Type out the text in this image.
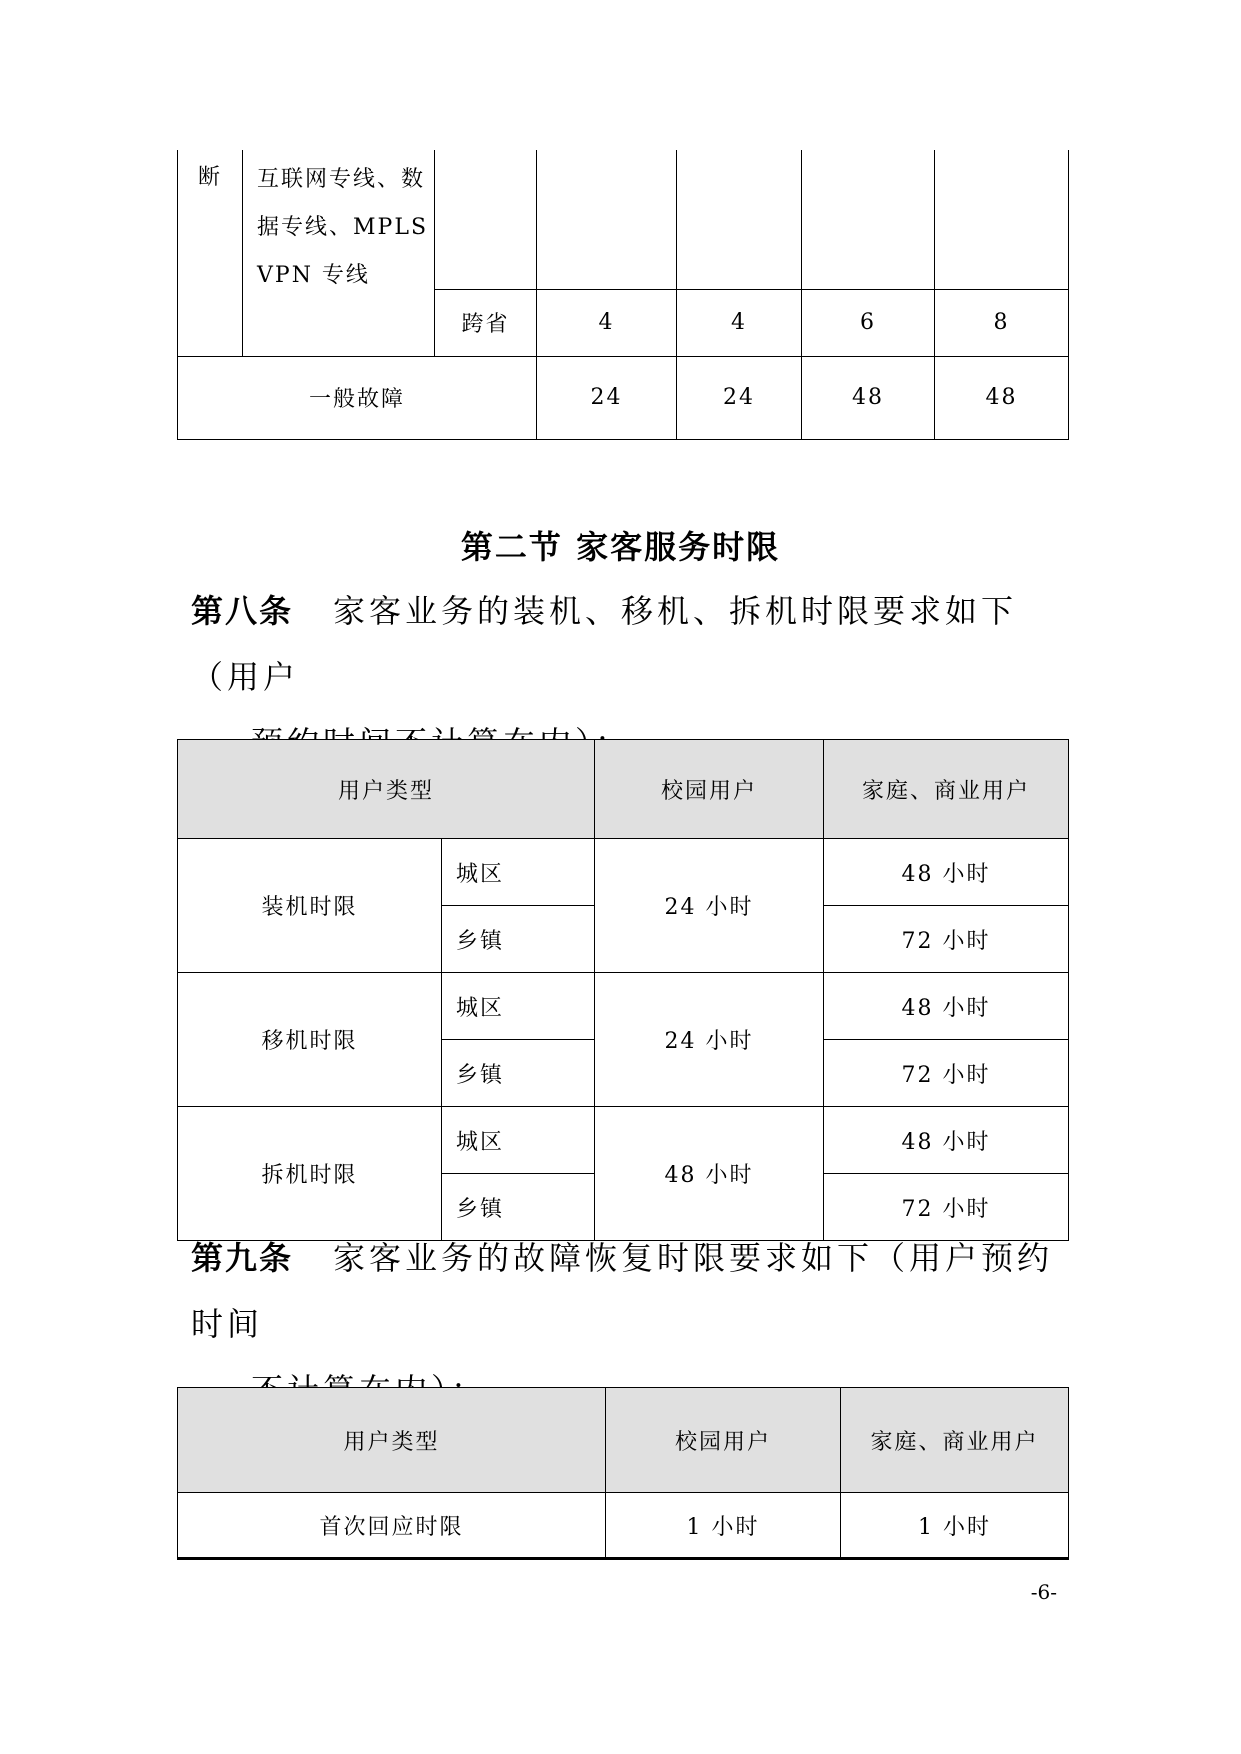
断	互联网专线、数据专线、MPLS VPN 专线					
		跨省	4	4	6	8
一般故障			24	24	48	48
第二节 家客服务时限
第八条 家客业务的装机、移机、拆机时限要求如下（用户
用户类型		校园用户	家庭、商业用户
装机时限	城区	24 小时	48 小时
	乡镇		72 小时
移机时限	城区	24 小时	48 小时
	乡镇		72 小时
拆机时限	城区	48 小时	48 小时
	乡镇		72 小时
第九条 家客业务的故障恢复时限要求如下（用户预约时间
用户类型	校园用户	家庭、商业用户
首次回应时限	1 小时	1 小时
-6-
